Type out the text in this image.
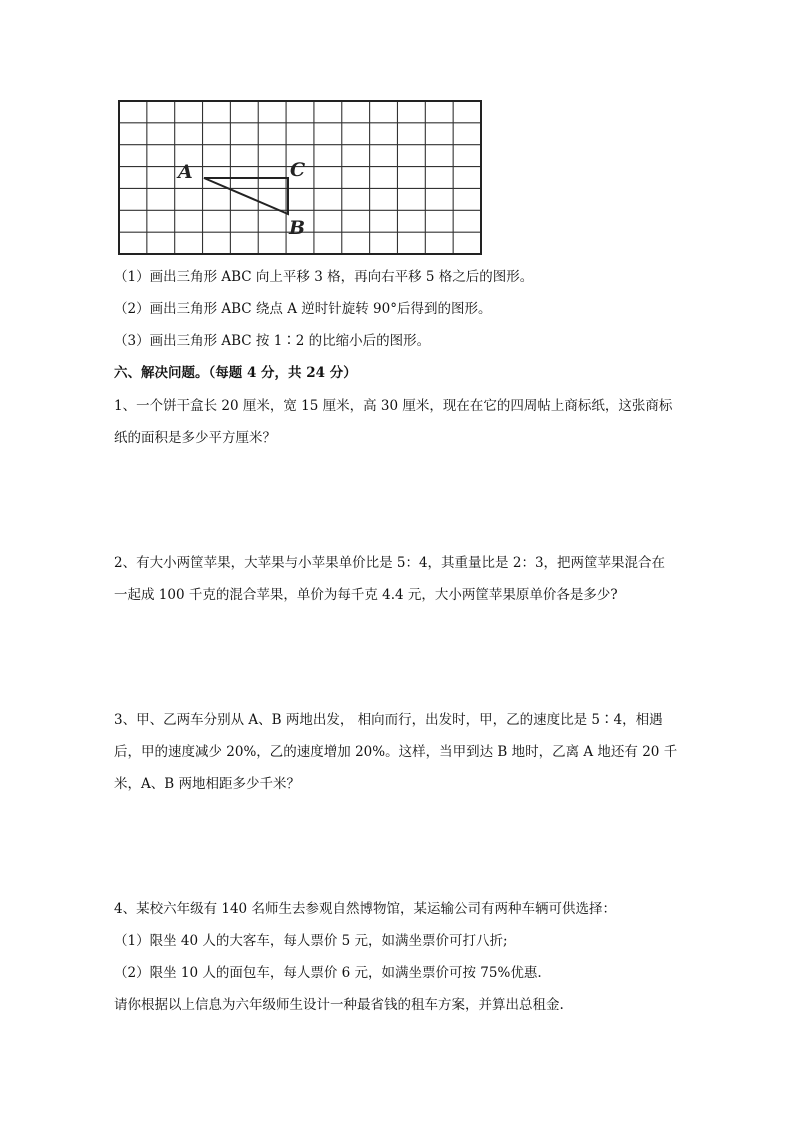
A	C
B
（1）画出三角形 ABC 向上平移 3 格，再向右平移 5 格之后的图形。
（2）画出三角形 ABC 绕点 A 逆时针旋转 90°后得到的图形。
（3）画出三角形 ABC 按 1∶2 的比缩小后的图形。
六、解决问题。（每题 4 分，共 24 分）
1、一个饼干盒长 20 厘米，宽 15 厘米，高 30 厘米，现在在它的四周帖上商标纸，这张商标
纸的面积是多少平方厘米？
2、有大小两筐苹果，大苹果与小苹果单价比是 5：4，其重量比是 2：3，把两筐苹果混合在
一起成 100 千克的混合苹果，单价为每千克 4.4 元，大小两筐苹果原单价各是多少?
3、甲、乙两车分别从 A、B 两地出发， 相向而行，出发时，甲，乙的速度比是 5∶4，相遇
后，甲的速度减少 20%，乙的速度增加 20%。这样，当甲到达 B 地时，乙离 A 地还有 20 千
米，A、B 两地相距多少千米？
4、某校六年级有 140 名师生去参观自然博物馆，某运输公司有两种车辆可供选择：
（1）限坐 40 人的大客车，每人票价 5 元，如满坐票价可打八折;
（2）限坐 10 人的面包车，每人票价 6 元，如满坐票价可按 75%优惠.
请你根据以上信息为六年级师生设计一种最省钱的租车方案，并算出总租金.
